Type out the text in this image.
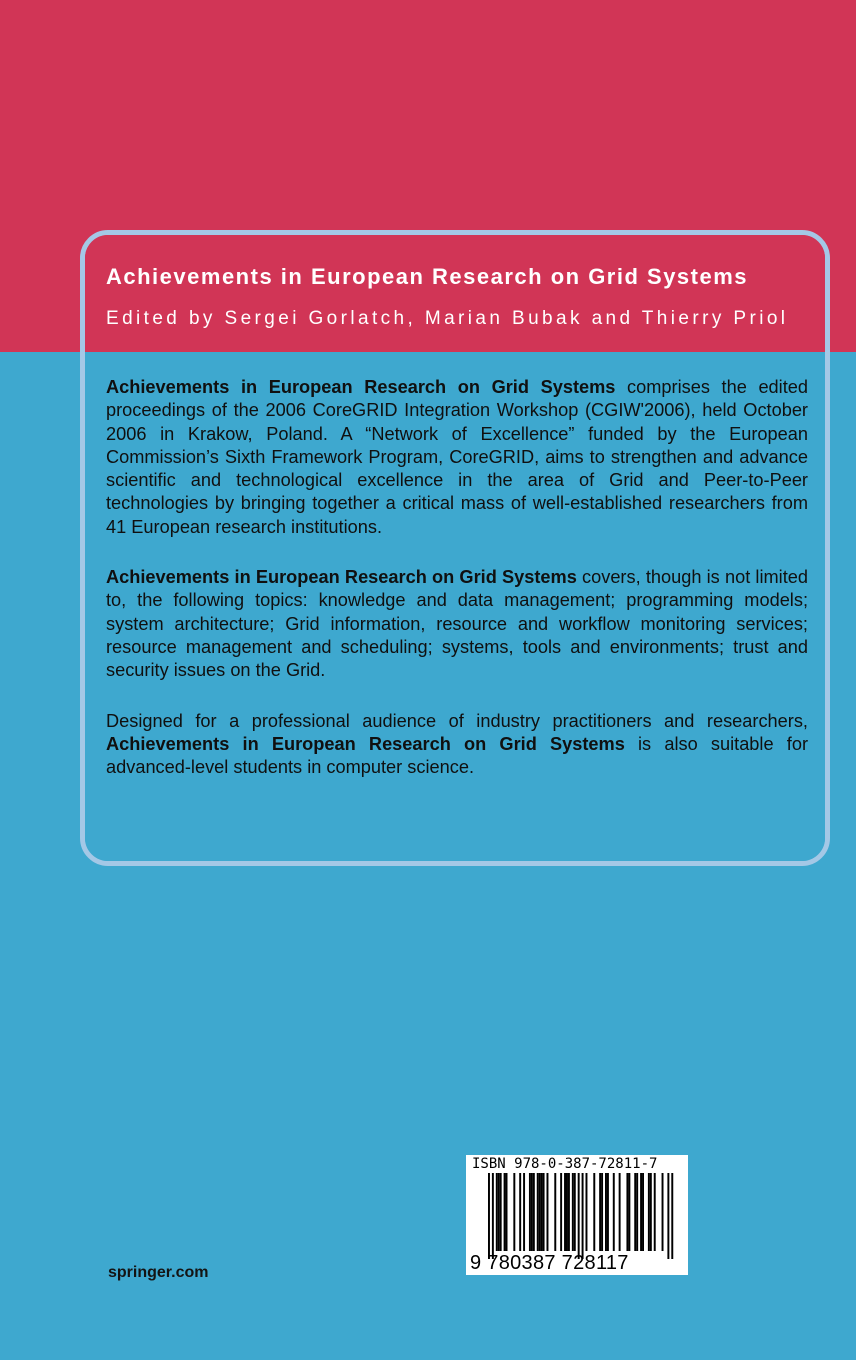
Achievements in European Research on Grid Systems

Edited by Sergei Gorlatch, Marian Bubak and Thierry Priol

Achievements in European Research on Grid Systems comprises the edited proceedings of the 2006 CoreGRID Integration Workshop (CGIW'2006), held October 2006 in Krakow, Poland. A “Network of Excellence” funded by the European Commission’s Sixth Framework Program, CoreGRID, aims to strengthen and advance scientific and technological excellence in the area of Grid and Peer-to-Peer technologies by bringing together a critical mass of well-established researchers from 41 European research institutions.

Achievements in European Research on Grid Systems covers, though is not limited to, the following topics: knowledge and data management; programming models; system architecture; Grid information, resource and workflow monitoring services; resource management and scheduling; systems, tools and environments; trust and security issues on the Grid.

Designed for a professional audience of industry practitioners and researchers, Achievements in European Research on Grid Systems is also suitable for advanced-level students in computer science.

springer.com

ISBN 978-0-387-72811-7

9 780387 728117
